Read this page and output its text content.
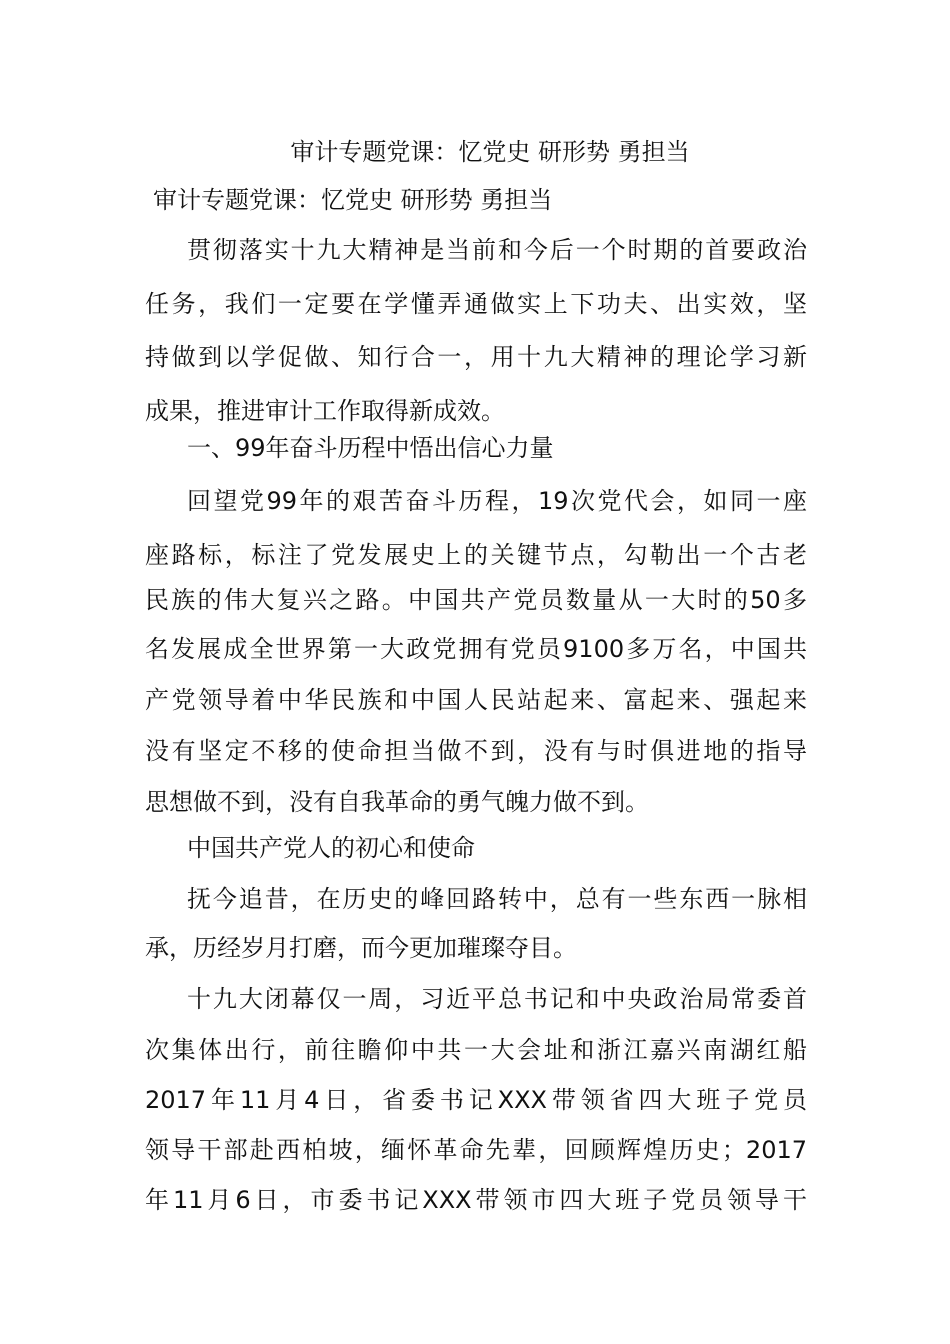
审计专题党课：忆党史 研形势 勇担当
审计专题党课：忆党史 研形势 勇担当
贯彻落实十九大精神是当前和今后一个时期的首要政治
任务，我们一定要在学懂弄通做实上下功夫、出实效，坚
持做到以学促做、知行合一，用十九大精神的理论学习新
成果，推进审计工作取得新成效。
一、99年奋斗历程中悟出信心力量
回望党99年的艰苦奋斗历程，19次党代会，如同一座
座路标，标注了党发展史上的关键节点，勾勒出一个古老
民族的伟大复兴之路。中国共产党员数量从一大时的50多
名发展成全世界第一大政党拥有党员9100多万名，中国共
产党领导着中华民族和中国人民站起来、富起来、强起来
没有坚定不移的使命担当做不到，没有与时俱进地的指导
思想做不到，没有自我革命的勇气魄力做不到。
中国共产党人的初心和使命
抚今追昔，在历史的峰回路转中，总有一些东西一脉相
承，历经岁月打磨，而今更加璀璨夺目。
十九大闭幕仅一周，习近平总书记和中央政治局常委首
次集体出行，前往瞻仰中共一大会址和浙江嘉兴南湖红船
2017年11月4日，省委书记XXX带领省四大班子党员
领导干部赴西柏坡，缅怀革命先辈，回顾辉煌历史；2017
年11月6日，市委书记XXX带领市四大班子党员领导干
